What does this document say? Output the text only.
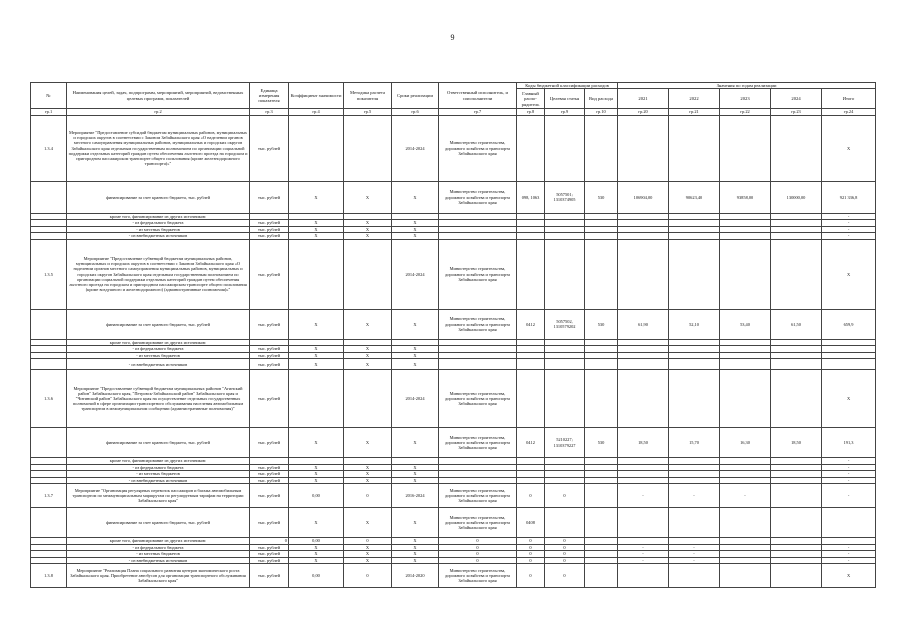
9
№	Наименования целей, задач, подпрограмм, мероприятий, мероприятий, ведомственных целевых программ, показателей	Единица измерения показателя	Коэффициент значимости	Методика расчета показателя	Сроки реализации	Ответственный исполнитель, и соисполнители	Коды бюджетной классификации расходов			Значения по годам реализации				
							Главный распо-рядитель	Целевая статья	Вид расхода	2021	2022	2023	2024	Итого
гр.1	гр.2	гр.3	гр.4	гр.5	гр.6	гр.7	гр.8	гр.9	гр.10	гр.20	гр.21	гр.22	гр.23	гр.24
1.3.4	Мероприятие "Предоставление субсидий бюджетам муниципальных районов, муниципальных и городских округов в соответствии с Законом Забайкальского края «О наделении органов местного самоуправления муниципальных районов, муниципальных и городских округов Забайкальского края отдельным государственным полномочием по организации социальной поддержки отдельных категорий граждан путем обеспечения льготного проезда на городском и пригородном пассажирском транспорте общего пользования (кроме железнодорожного транспорта)»"	тыс. рублей			2014-2024	Министерство строительства, дорожного хозяйства и транспорта Забайкальского края								X
	финансирование за счет краевого бюджета, тыс. рублей	тыс. рублей	X	X	X	Министерство строительства, дорожного хозяйства и транспорта Забайкальского края	098, 1063	5057501; 1310374905	530	106904,00	90623,40	93858,00	130000,00	921 336,8
	кроме того, финансирование из других источников:													-
	- из федерального бюджета	тыс. рублей	X	X	X									-
	- из местных бюджетов	тыс. рублей	X	X	X									-
	- из внебюджетных источников	тыс. рублей	X	X	X									-
1.3.5	Мероприятие "Предоставление субвенций бюджетам муниципальных районов, муниципальных и городских округов в соответствии с Законом Забайкальского края «О наделении органов местного самоуправления муниципальных районов, муниципальных и городских округов Забайкальского края отдельным государственным полномочием по организации социальной поддержки отдельных категорий граждан путем обеспечения льготного проезда на городском и пригородном пассажирском транспорте общего пользования (кроме воздушного и железнодорожного) (административные полномочия)»"	тыс. рублей			2014-2024	Министерство строительства, дорожного хозяйства и транспорта Забайкальского края								X
	финансирование за счет краевого бюджета, тыс. рублей	тыс. рублей	X	X	X	Министерство строительства, дорожного хозяйства и транспорта Забайкальского края	0412	5057502, 1310579202	530	61,90	52,10	53,40	61,50	659,9
	кроме того, финансирование из других источников:													
	- из федерального бюджета	тыс. рублей	X	X	X									
	- из местных бюджетов	тыс. рублей	X	X	X									
	- из внебюджетных источников	тыс. рублей	X	X	X									
1.3.6	Мероприятие "Предоставление субвенций бюджетам муниципальных районов "Агинский район" Забайкальского края, "Петровск-Забайкальский район" Забайкальского края и "Читинский район" Забайкальского края на осуществление отдельных государственных полномочий в сфере организации транспортного обслуживания населения автомобильным транспортом в межмуниципальном сообщении (административные полномочия)"	тыс. рублей			2014-2024	Министерство строительства, дорожного хозяйства и транспорта Забайкальского края								X
	финансирование за счет краевого бюджета, тыс. рублей	тыс. рублей	X	X	X	Министерство строительства, дорожного хозяйства и транспорта Забайкальского края	0412	5210227; 1310379227	530	18,50	15,70	16,30	18,50	191,3
	кроме того, финансирование из других источников:													-
	- из федерального бюджета	тыс. рублей	X	X	X									-
	- из местных бюджетов	тыс. рублей	X	X	X									-
	- из внебюджетных источников	тыс. рублей	X	X	X									-
1.3.7	Мероприятие "Организация регулярных перевозок пассажиров и багажа автомобильным транспортом по межмуниципальным маршрутам по регулируемым тарифам на территории Забайкальского края"	тыс. рублей	0,00	0	2016-2024	Министерство строительства, дорожного хозяйства и транспорта Забайкальского края	0	0		-	-	-		-
	финансирование за счет краевого бюджета, тыс. рублей	тыс. рублей	X	X	X	Министерство строительства, дорожного хозяйства и транспорта Забайкальского края	0408							
	кроме того, финансирование из других источников:	0	0,00	0	X	0	0	0						
	- из федерального бюджета	тыс. рублей	X	X	X	0	0	0		-	-			-
	- из местных бюджетов	тыс. рублей	X	X	X	0	0	0		-	-			-
	- из внебюджетных источников	тыс. рублей	X	X	X	0	0	0		-	-			-
1.3.8	Мероприятие "Реализация Плана социального развития центров экономического роста Забайкальского края. Приобретение автобусов для организации транспортного обслуживания Забайкальского края"	тыс. рублей	0,00	0	2014-2020	Министерство строительства, дорожного хозяйства и транспорта Забайкальского края	0	0						X
